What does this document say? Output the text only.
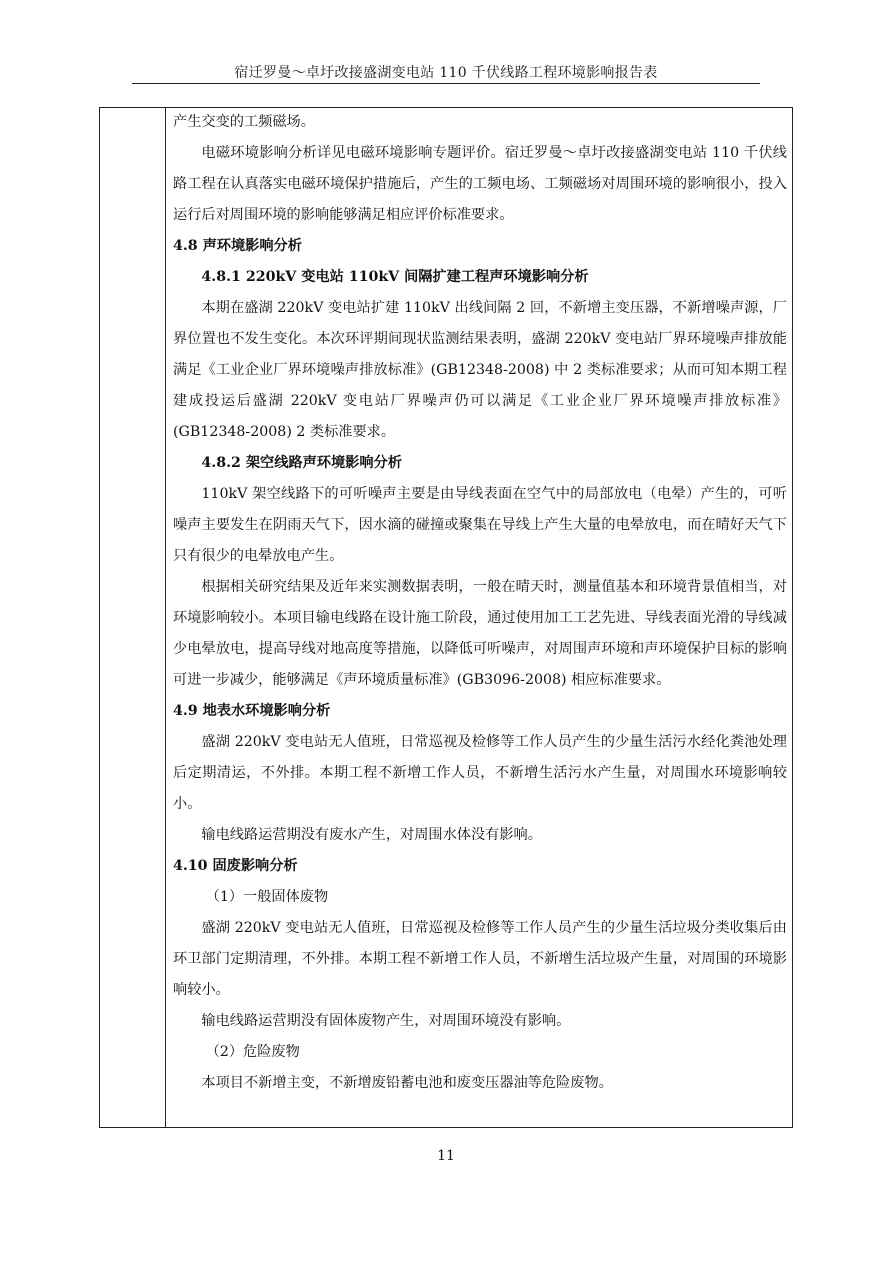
宿迁罗曼～卓圩改接盛湖变电站 110 千伏线路工程环境影响报告表

产生交变的工频磁场。

电磁环境影响分析详见电磁环境影响专题评价。宿迁罗曼～卓圩改接盛湖变电站 110 千伏线路工程在认真落实电磁环境保护措施后，产生的工频电场、工频磁场对周围环境的影响很小，投入运行后对周围环境的影响能够满足相应评价标准要求。

4.8 声环境影响分析

4.8.1 220kV 变电站 110kV 间隔扩建工程声环境影响分析

本期在盛湖 220kV 变电站扩建 110kV 出线间隔 2 回，不新增主变压器，不新增噪声源，厂界位置也不发生变化。本次环评期间现状监测结果表明，盛湖 220kV 变电站厂界环境噪声排放能满足《工业企业厂界环境噪声排放标准》(GB12348-2008) 中 2 类标准要求；从而可知本期工程建成投运后盛湖 220kV 变电站厂界噪声仍可以满足《工业企业厂界环境噪声排放标准》(GB12348-2008) 2 类标准要求。

4.8.2 架空线路声环境影响分析

110kV 架空线路下的可听噪声主要是由导线表面在空气中的局部放电（电晕）产生的，可听噪声主要发生在阴雨天气下，因水滴的碰撞或聚集在导线上产生大量的电晕放电，而在晴好天气下只有很少的电晕放电产生。

根据相关研究结果及近年来实测数据表明，一般在晴天时，测量值基本和环境背景值相当，对环境影响较小。本项目输电线路在设计施工阶段，通过使用加工工艺先进、导线表面光滑的导线减少电晕放电，提高导线对地高度等措施，以降低可听噪声，对周围声环境和声环境保护目标的影响可进一步减少，能够满足《声环境质量标准》(GB3096-2008) 相应标准要求。

4.9 地表水环境影响分析

盛湖 220kV 变电站无人值班，日常巡视及检修等工作人员产生的少量生活污水经化粪池处理后定期清运，不外排。本期工程不新增工作人员，不新增生活污水产生量，对周围水环境影响较小。

输电线路运营期没有废水产生，对周围水体没有影响。

4.10 固废影响分析

（1）一般固体废物

盛湖 220kV 变电站无人值班，日常巡视及检修等工作人员产生的少量生活垃圾分类收集后由环卫部门定期清理，不外排。本期工程不新增工作人员，不新增生活垃圾产生量，对周围的环境影响较小。

输电线路运营期没有固体废物产生，对周围环境没有影响。

（2）危险废物

本项目不新增主变，不新增废铅蓄电池和废变压器油等危险废物。

11
